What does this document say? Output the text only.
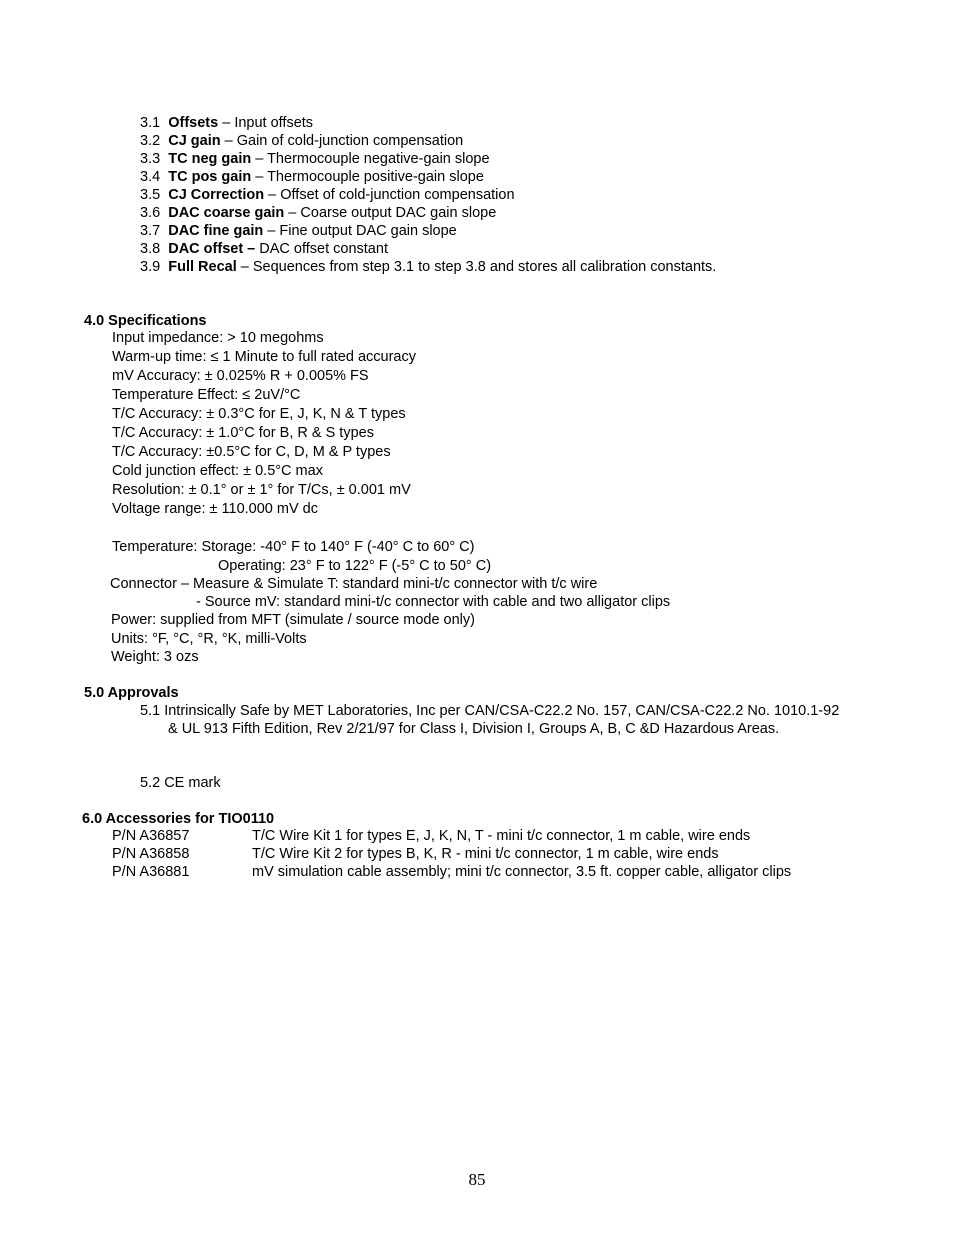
3.1 Offsets – Input offsets
3.2 CJ gain – Gain of cold-junction compensation
3.3 TC neg gain – Thermocouple negative-gain slope
3.4 TC pos gain – Thermocouple positive-gain slope
3.5 CJ Correction – Offset of cold-junction compensation
3.6 DAC coarse gain – Coarse output DAC gain slope
3.7 DAC fine gain – Fine output DAC gain slope
3.8 DAC offset – DAC offset constant
3.9 Full Recal – Sequences from step 3.1 to step 3.8 and stores all calibration constants.
4.0 Specifications
Input impedance: > 10 megohms
Warm-up time: ≤ 1 Minute to full rated accuracy
mV Accuracy: ± 0.025% R + 0.005% FS
Temperature Effect: ≤ 2uV/°C
T/C Accuracy: ± 0.3°C for E, J, K, N & T types
T/C Accuracy: ± 1.0°C for B, R & S types
T/C Accuracy: ±0.5°C for C, D, M & P types
Cold junction effect: ± 0.5°C max
Resolution: ± 0.1° or ± 1° for T/Cs, ± 0.001 mV
Voltage range: ± 110.000 mV dc
Temperature: Storage: -40° F to 140° F (-40° C to 60° C)
Operating: 23° F to 122° F (-5° C to 50° C)
Connector – Measure & Simulate T: standard mini-t/c connector with t/c wire
- Source mV: standard mini-t/c connector with cable and two alligator clips
Power: supplied from MFT (simulate / source mode only)
Units: °F, °C, °R, °K, milli-Volts
Weight: 3 ozs
5.0 Approvals
5.1 Intrinsically Safe by MET Laboratories, Inc per CAN/CSA-C22.2 No. 157, CAN/CSA-C22.2 No. 1010.1-92
& UL 913 Fifth Edition, Rev 2/21/97 for Class I, Division I, Groups A, B, C &D Hazardous Areas.
5.2 CE mark
6.0 Accessories for TIO0110
P/N A36857	T/C Wire Kit 1 for types E, J, K, N, T - mini t/c connector, 1 m cable, wire ends
P/N A36858	T/C Wire Kit 2 for types B, K, R - mini t/c connector, 1 m cable, wire ends
P/N A36881	mV simulation cable assembly; mini t/c connector, 3.5 ft. copper cable, alligator clips
85
